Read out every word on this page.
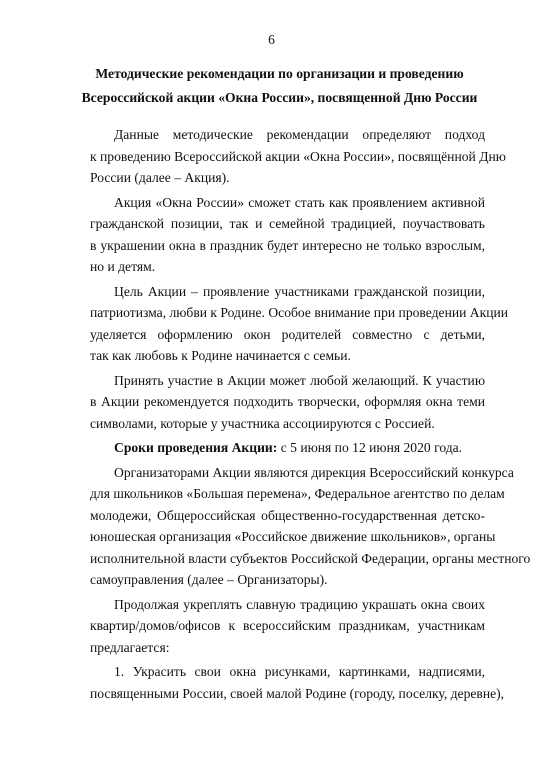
6
Методические рекомендации по организации и проведению
Всероссийской акции «Окна России», посвященной Дню России
Данные методические рекомендации определяют подход
к проведению Всероссийской акции «Окна России», посвящённой Дню
России (далее – Акция).
Акция «Окна России» сможет стать как проявлением активной
гражданской позиции, так и семейной традицией, поучаствовать
в украшении окна в праздник будет интересно не только взрослым,
но и детям.
Цель Акции – проявление участниками гражданской позиции,
патриотизма, любви к Родине. Особое внимание при проведении Акции
уделяется оформлению окон родителей совместно с детьми,
так как любовь к Родине начинается с семьи.
Принять участие в Акции может любой желающий. К участию
в Акции рекомендуется подходить творчески, оформляя окна теми
символами, которые у участника ассоциируются с Россией.
Сроки проведения Акции: с 5 июня по 12 июня 2020 года.
Организаторами Акции являются дирекция Всероссийский конкурса
для школьников «Большая перемена», Федеральное агентство по делам
молодежи, Общероссийская общественно-государственная детско-
юношеская организация «Российское движение школьников», органы
исполнительной власти субъектов Российской Федерации, органы местного
самоуправления (далее – Организаторы).
Продолжая укреплять славную традицию украшать окна своих
квартир/домов/офисов к всероссийским праздникам, участникам
предлагается:
1. Украсить свои окна рисунками, картинками, надписями,
посвященными России, своей малой Родине (городу, поселку, деревне),
